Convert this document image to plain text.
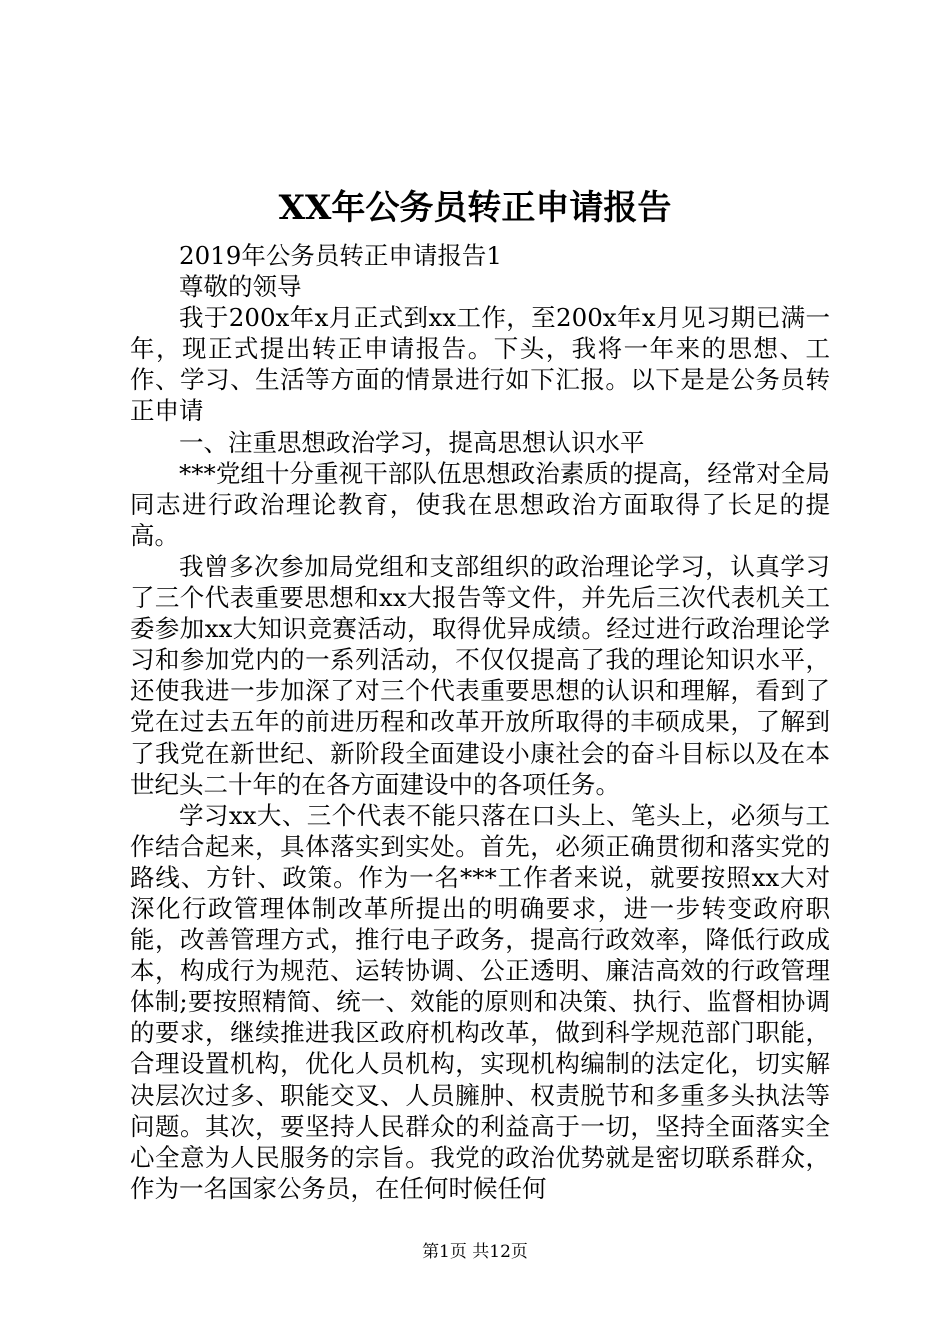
XX年公务员转正申请报告

2019年公务员转正申请报告1

尊敬的领导

我于200x年x月正式到xx工作，至200x年x月见习期已满一年，现正式提出转正申请报告。下头，我将一年来的思想、工作、学习、生活等方面的情景进行如下汇报。以下是是公务员转正申请

一、注重思想政治学习，提高思想认识水平

***党组十分重视干部队伍思想政治素质的提高，经常对全局同志进行政治理论教育，使我在思想政治方面取得了长足的提高。

我曾多次参加局党组和支部组织的政治理论学习，认真学习了三个代表重要思想和xx大报告等文件，并先后三次代表机关工委参加xx大知识竞赛活动，取得优异成绩。经过进行政治理论学习和参加党内的一系列活动，不仅仅提高了我的理论知识水平，还使我进一步加深了对三个代表重要思想的认识和理解，看到了党在过去五年的前进历程和改革开放所取得的丰硕成果，了解到了我党在新世纪、新阶段全面建设小康社会的奋斗目标以及在本世纪头二十年的在各方面建设中的各项任务。

学习xx大、三个代表不能只落在口头上、笔头上，必须与工作结合起来，具体落实到实处。首先，必须正确贯彻和落实党的路线、方针、政策。作为一名***工作者来说，就要按照xx大对深化行政管理体制改革所提出的明确要求，进一步转变政府职能，改善管理方式，推行电子政务，提高行政效率，降低行政成本，构成行为规范、运转协调、公正透明、廉洁高效的行政管理体制;要按照精简、统一、效能的原则和决策、执行、监督相协调的要求，继续推进我区政府机构改革，做到科学规范部门职能，合理设置机构，优化人员机构，实现机构编制的法定化，切实解决层次过多、职能交叉、人员臃肿、权责脱节和多重多头执法等问题。其次，要坚持人民群众的利益高于一切，坚持全面落实全心全意为人民服务的宗旨。我党的政治优势就是密切联系群众，作为一名国家公务员，在任何时候任何

第1页 共12页
